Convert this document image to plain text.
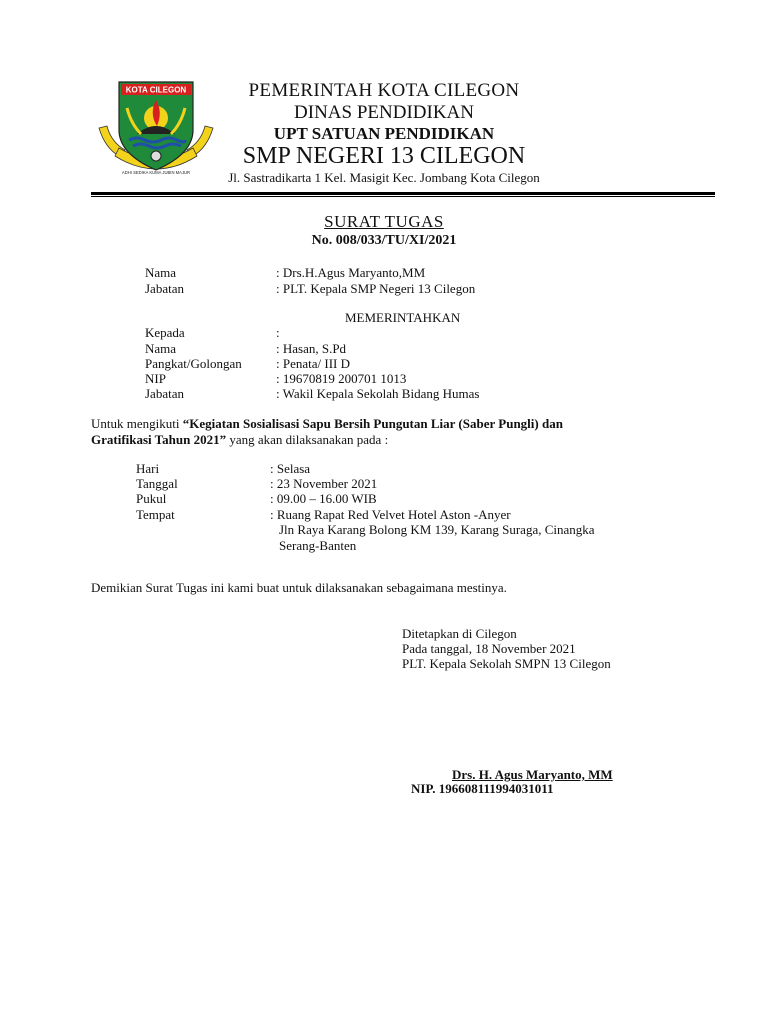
KOTA CILEGON
ADHI SEDIKA KUMA JUBIN MAJUR
PEMERINTAH KOTA CILEGON
DINAS PENDIDIKAN
UPT SATUAN PENDIDIKAN
SMP NEGERI 13 CILEGON
Jl. Sastradikarta 1 Kel. Masigit Kec. Jombang Kota Cilegon
SURAT TUGAS
No. 008/033/TU/XI/2021
Nama	: Drs.H.Agus Maryanto,MM
Jabatan	: PLT. Kepala SMP Negeri 13 Cilegon
MEMERINTAHKAN
Kepada	:
Nama	: Hasan, S.Pd
Pangkat/Golongan	: Penata/ III D
NIP	: 19670819 200701 1013
Jabatan	: Wakil Kepala Sekolah Bidang Humas
Untuk mengikuti “Kegiatan Sosialisasi Sapu Bersih Pungutan Liar (Saber Pungli) dan
Gratifikasi Tahun 2021” yang akan dilaksanakan pada :
Hari	: Selasa
Tanggal	: 23 November 2021
Pukul	: 09.00 – 16.00 WIB
Tempat	: Ruang Rapat Red Velvet Hotel Aston -Anyer
Jln Raya Karang Bolong KM 139, Karang Suraga, Cinangka
Serang-Banten
Demikian Surat Tugas ini kami buat untuk dilaksanakan sebagaimana mestinya.
Ditetapkan di Cilegon
Pada tanggal, 18 November 2021
PLT. Kepala Sekolah SMPN 13 Cilegon
Drs. H. Agus Maryanto, MM
NIP. 196608111994031011
